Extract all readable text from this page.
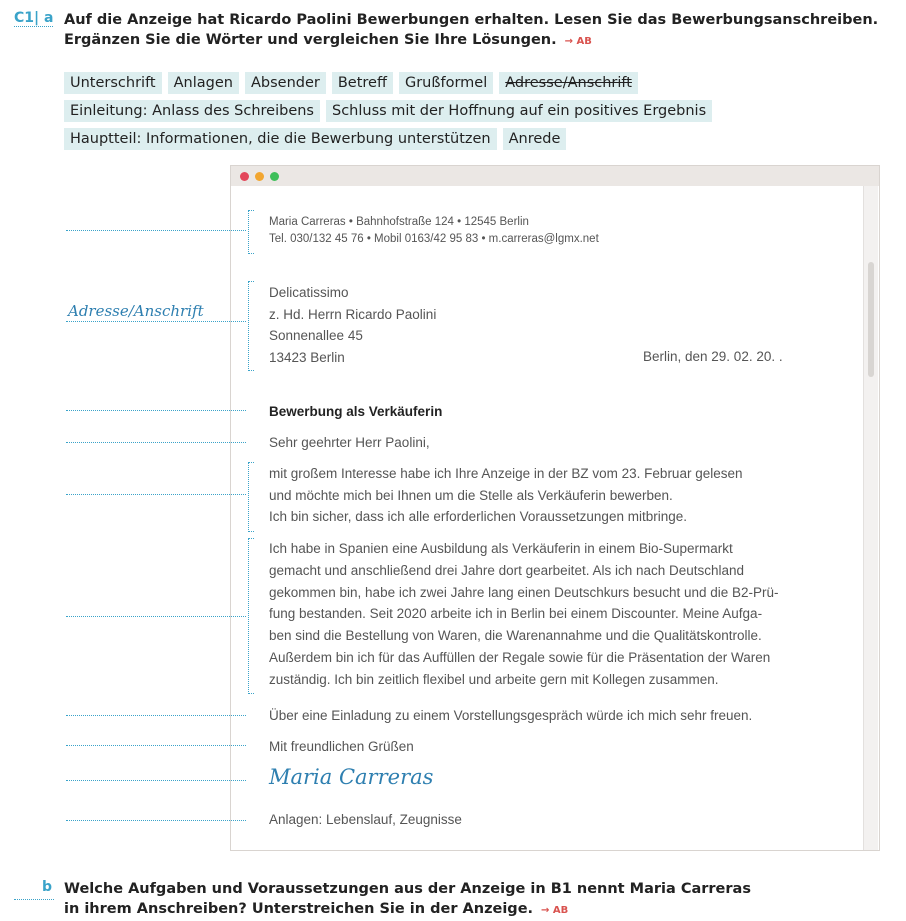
C1| a Auf die Anzeige hat Ricardo Paolini Bewerbungen erhalten. Lesen Sie das Bewerbungsanschreiben.
Ergänzen Sie die Wörter und vergleichen Sie Ihre Lösungen. → AB
Unterschrift	Anlagen	Absender	Betreff	Grußformel	Adresse/Anschrift
Einleitung: Anlass des Schreibens	Schluss mit der Hoffnung auf ein positives Ergebnis
Hauptteil: Informationen, die die Bewerbung unterstützen	Anrede
Adresse/Anschrift
Maria Carreras • Bahnhofstraße 124 • 12545 Berlin
Tel. 030/132 45 76 • Mobil 0163/42 95 83 • m.carreras@lgmx.net
Delicatissimo
z. Hd. Herrn Ricardo Paolini
Sonnenallee 45
13423 Berlin	Berlin, den 29. 02. 20. .
Bewerbung als Verkäuferin
Sehr geehrter Herr Paolini,
mit großem Interesse habe ich Ihre Anzeige in der BZ vom 23. Februar gelesen
und möchte mich bei Ihnen um die Stelle als Verkäuferin bewerben.
Ich bin sicher, dass ich alle erforderlichen Voraussetzungen mitbringe.
Ich habe in Spanien eine Ausbildung als Verkäuferin in einem Bio-Supermarkt
gemacht und anschließend drei Jahre dort gearbeitet. Als ich nach Deutschland
gekommen bin, habe ich zwei Jahre lang einen Deutschkurs besucht und die B2-Prü-
fung bestanden. Seit 2020 arbeite ich in Berlin bei einem Discounter. Meine Aufga-
ben sind die Bestellung von Waren, die Warenannahme und die Qualitätskontrolle.
Außerdem bin ich für das Auffüllen der Regale sowie für die Präsentation der Waren
zuständig. Ich bin zeitlich flexibel und arbeite gern mit Kollegen zusammen.
Über eine Einladung zu einem Vorstellungsgespräch würde ich mich sehr freuen.
Mit freundlichen Grüßen
Maria Carreras
Anlagen: Lebenslauf, Zeugnisse
b Welche Aufgaben und Voraussetzungen aus der Anzeige in B1 nennt Maria Carreras
in ihrem Anschreiben? Unterstreichen Sie in der Anzeige. → AB
